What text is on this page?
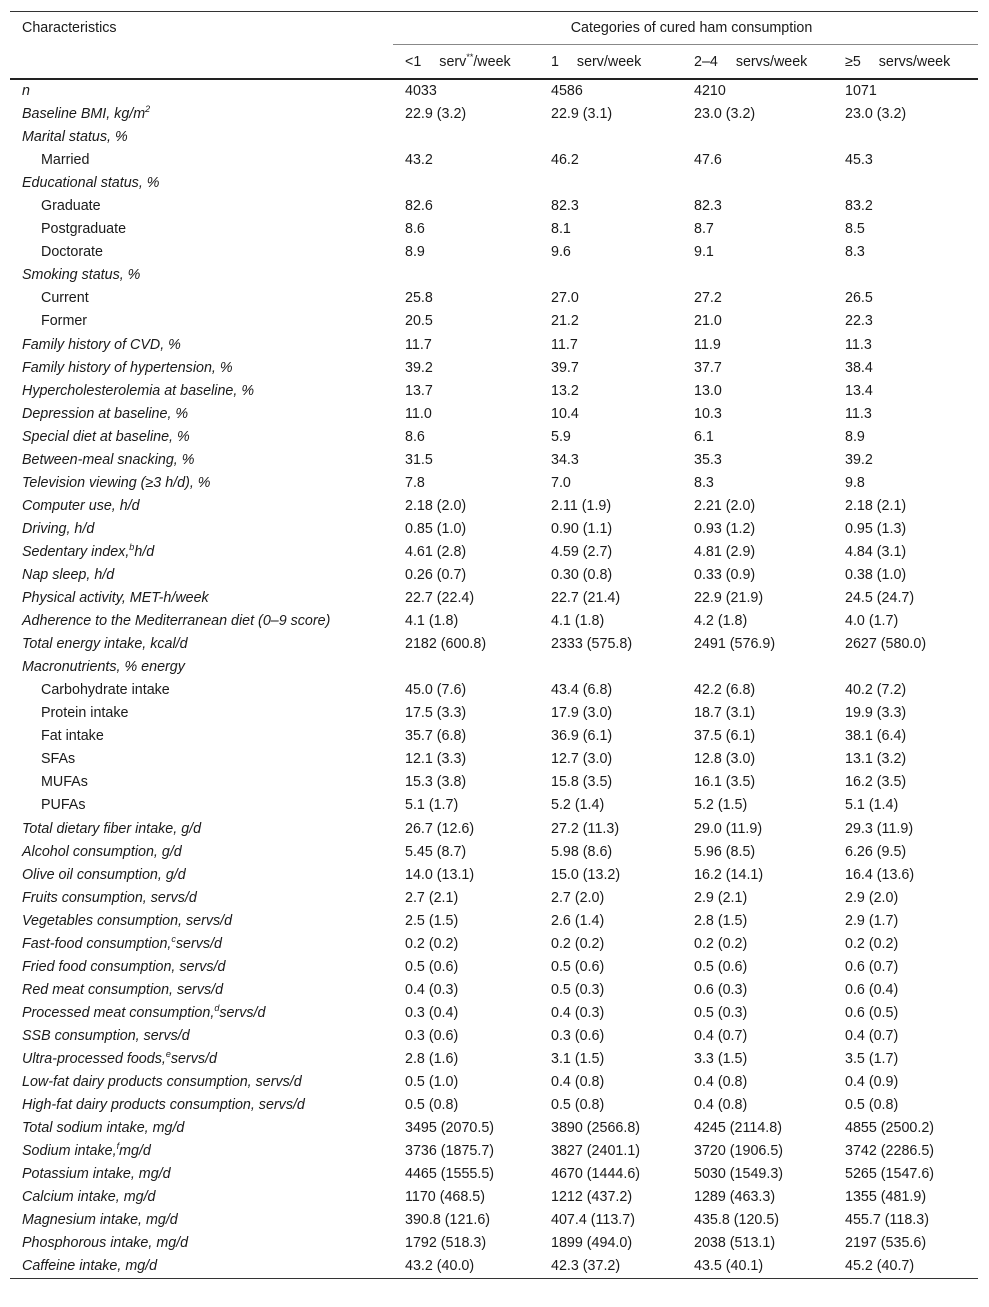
Characteristics	Categories of cured ham consumption			
	<1 serv**/week	1 serv/week	2–4 servs/week	≥5 servs/week
n	4033	4586	4210	1071
Baseline BMI, $kg/m^2$	22.9 (3.2)	22.9 (3.1)	23.0 (3.2)	23.0 (3.2)
Marital status, %				
Married	43.2	46.2	47.6	45.3
Educational status, %				
Graduate	82.6	82.3	82.3	83.2
Postgraduate	8.6	8.1	8.7	8.5
Doctorate	8.9	9.6	9.1	8.3
Smoking status, %				
Current	25.8	27.0	27.2	26.5
Former	20.5	21.2	21.0	22.3
Family history of CVD, %	11.7	11.7	11.9	11.3
Family history of hypertension, %	39.2	39.7	37.7	38.4
Hypercholesterolemia at baseline, %	13.7	13.2	13.0	13.4
Depression at baseline, %	11.0	10.4	10.3	11.3
Special diet at baseline, %	8.6	5.9	6.1	8.9
Between-meal snacking, %	31.5	34.3	35.3	39.2
Television viewing (≥3 h/d), %	7.8	7.0	8.3	9.8
Computer use, h/d	2.18 (2.0)	2.11 (1.9)	2.21 (2.0)	2.18 (2.1)
Driving, h/d	0.85 (1.0)	0.90 (1.1)	0.93 (1.2)	0.95 (1.3)
Sedentary index,$^b$h/d	4.61 (2.8)	4.59 (2.7)	4.81 (2.9)	4.84 (3.1)
Nap sleep, h/d	0.26 (0.7)	0.30 (0.8)	0.33 (0.9)	0.38 (1.0)
Physical activity, MET-h/week	22.7 (22.4)	22.7 (21.4)	22.9 (21.9)	24.5 (24.7)
Adherence to the Mediterranean diet (0–9 score)	4.1 (1.8)	4.1 (1.8)	4.2 (1.8)	4.0 (1.7)
Total energy intake, kcal/d	2182 (600.8)	2333 (575.8)	2491 (576.9)	2627 (580.0)
Macronutrients, % energy				
Carbohydrate intake	45.0 (7.6)	43.4 (6.8)	42.2 (6.8)	40.2 (7.2)
Protein intake	17.5 (3.3)	17.9 (3.0)	18.7 (3.1)	19.9 (3.3)
Fat intake	35.7 (6.8)	36.9 (6.1)	37.5 (6.1)	38.1 (6.4)
SFAs	12.1 (3.3)	12.7 (3.0)	12.8 (3.0)	13.1 (3.2)
MUFAs	15.3 (3.8)	15.8 (3.5)	16.1 (3.5)	16.2 (3.5)
PUFAs	5.1 (1.7)	5.2 (1.4)	5.2 (1.5)	5.1 (1.4)
Total dietary fiber intake, g/d	26.7 (12.6)	27.2 (11.3)	29.0 (11.9)	29.3 (11.9)
Alcohol consumption, g/d	5.45 (8.7)	5.98 (8.6)	5.96 (8.5)	6.26 (9.5)
Olive oil consumption, g/d	14.0 (13.1)	15.0 (13.2)	16.2 (14.1)	16.4 (13.6)
Fruits consumption, servs/d	2.7 (2.1)	2.7 (2.0)	2.9 (2.1)	2.9 (2.0)
Vegetables consumption, servs/d	2.5 (1.5)	2.6 (1.4)	2.8 (1.5)	2.9 (1.7)
Fast-food consumption,$^c$servs/d	0.2 (0.2)	0.2 (0.2)	0.2 (0.2)	0.2 (0.2)
Fried food consumption, servs/d	0.5 (0.6)	0.5 (0.6)	0.5 (0.6)	0.6 (0.7)
Red meat consumption, servs/d	0.4 (0.3)	0.5 (0.3)	0.6 (0.3)	0.6 (0.4)
Processed meat consumption,$^d$servs/d	0.3 (0.4)	0.4 (0.3)	0.5 (0.3)	0.6 (0.5)
SSB consumption, servs/d	0.3 (0.6)	0.3 (0.6)	0.4 (0.7)	0.4 (0.7)
Ultra-processed foods,$^e$servs/d	2.8 (1.6)	3.1 (1.5)	3.3 (1.5)	3.5 (1.7)
Low-fat dairy products consumption, servs/d	0.5 (1.0)	0.4 (0.8)	0.4 (0.8)	0.4 (0.9)
High-fat dairy products consumption, servs/d	0.5 (0.8)	0.5 (0.8)	0.4 (0.8)	0.5 (0.8)
Total sodium intake, mg/d	3495 (2070.5)	3890 (2566.8)	4245 (2114.8)	4855 (2500.2)
Sodium intake,$^f$mg/d	3736 (1875.7)	3827 (2401.1)	3720 (1906.5)	3742 (2286.5)
Potassium intake, mg/d	4465 (1555.5)	4670 (1444.6)	5030 (1549.3)	5265 (1547.6)
Calcium intake, mg/d	1170 (468.5)	1212 (437.2)	1289 (463.3)	1355 (481.9)
Magnesium intake, mg/d	390.8 (121.6)	407.4 (113.7)	435.8 (120.5)	455.7 (118.3)
Phosphorous intake, mg/d	1792 (518.3)	1899 (494.0)	2038 (513.1)	2197 (535.6)
Caffeine intake, mg/d	43.2 (40.0)	42.3 (37.2)	43.5 (40.1)	45.2 (40.7)
